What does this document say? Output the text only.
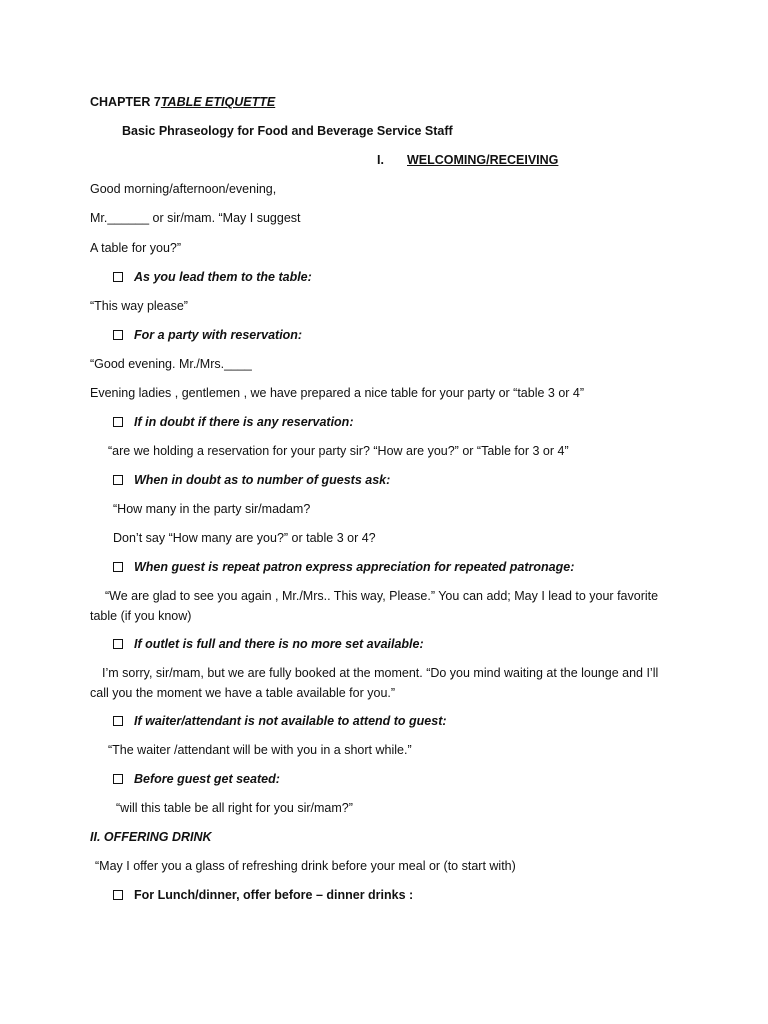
CHAPTER 7TABLE ETIQUETTE
Basic Phraseology for Food and Beverage Service Staff
I. WELCOMING/RECEIVING
Good morning/afternoon/evening,
Mr.______ or sir/mam. “May I suggest
A table for you?”
As you lead them to the table:
“This way please”
For a party with reservation:
“Good evening. Mr./Mrs.____
Evening ladies , gentlemen , we have prepared a nice table for your party or “table 3 or 4”
If in doubt if there is any reservation:
“are we holding a reservation for your party sir? “How are you?” or “Table for 3 or 4”
When in doubt as to number of guests ask:
“How many in the party sir/madam?
Don’t say “How many are you?” or table 3 or 4?
When guest is repeat patron express appreciation for repeated patronage:
“We are glad to see you again , Mr./Mrs.. This way, Please.” You can add; May I lead to your favorite table (if you know)
If outlet is full and there is no more set available:
I’m sorry, sir/mam, but we are fully booked at the moment. “Do you mind waiting at the lounge and I’ll call you the moment we have a table available for you.”
If waiter/attendant is not available to attend to guest:
“The waiter /attendant will be with you in a short while.”
Before guest get seated:
“will this table be all right for you sir/mam?”
II. OFFERING DRINK
“May I offer you a glass of refreshing drink before your meal or (to start with)
For Lunch/dinner, offer before – dinner drinks :
